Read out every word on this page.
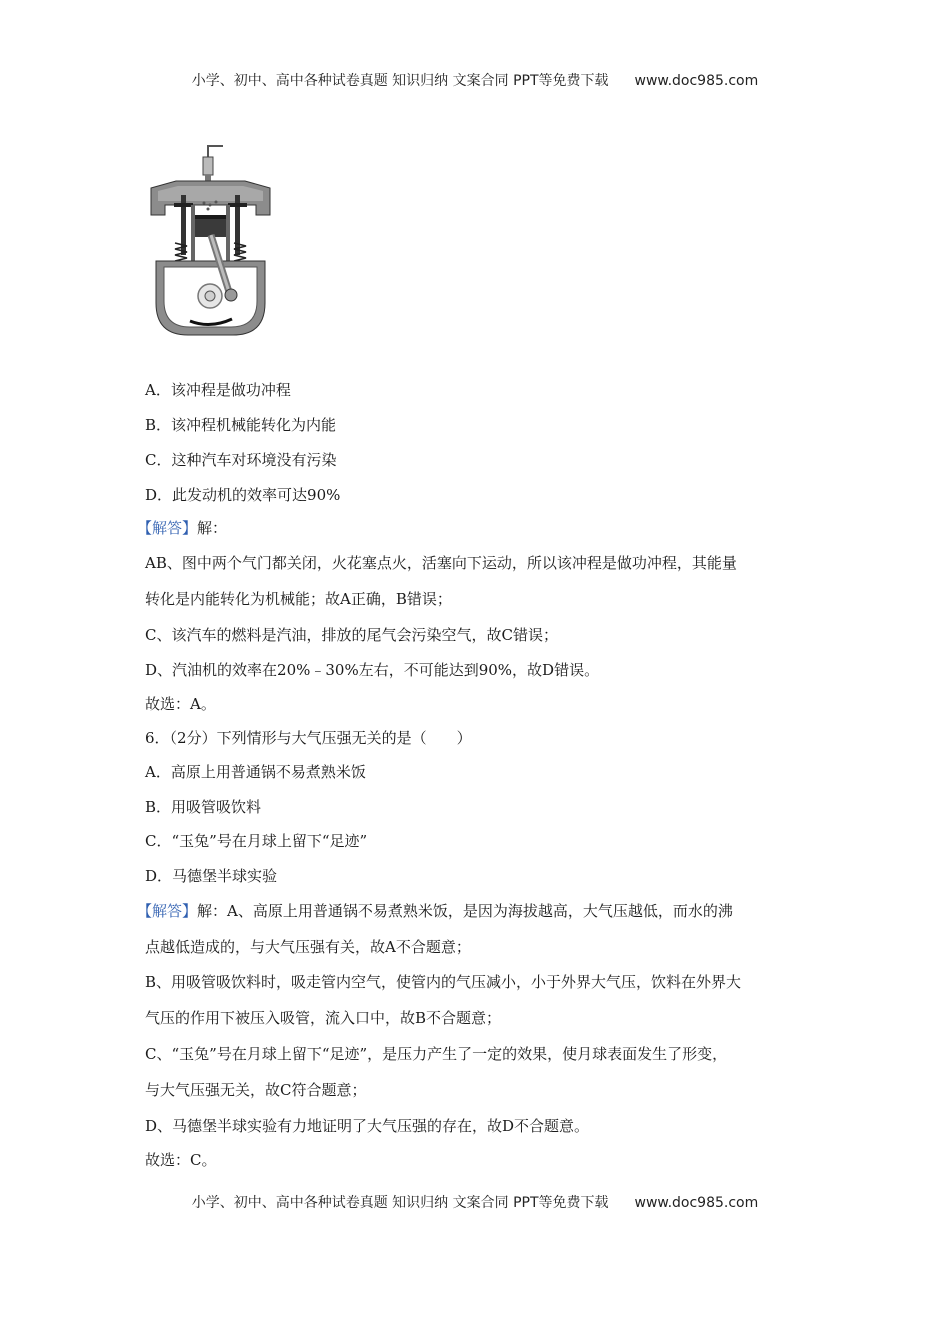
小学、初中、高中各种试卷真题 知识归纳 文案合同 PPT等免费下载 www.doc985.com
A．该冲程是做功冲程
B．该冲程机械能转化为内能
C．这种汽车对环境没有污染
D．此发动机的效率可达90%
【解答】解：
AB、图中两个气门都关闭，火花塞点火，活塞向下运动，所以该冲程是做功冲程，其能量
转化是内能转化为机械能；故A正确，B错误；
C、该汽车的燃料是汽油，排放的尾气会污染空气，故C错误；
D、汽油机的效率在20%﹣30%左右，不可能达到90%，故D错误。
故选：A。
6．（2分）下列情形与大气压强无关的是（　　）
A．高原上用普通锅不易煮熟米饭
B．用吸管吸饮料
C．“玉兔”号在月球上留下“足迹”
D．马德堡半球实验
【解答】解：A、高原上用普通锅不易煮熟米饭，是因为海拔越高，大气压越低，而水的沸
点越低造成的，与大气压强有关，故A不合题意；
B、用吸管吸饮料时，吸走管内空气，使管内的气压减小，小于外界大气压，饮料在外界大
气压的作用下被压入吸管，流入口中，故B不合题意；
C、“玉兔”号在月球上留下“足迹”，是压力产生了一定的效果，使月球表面发生了形变，
与大气压强无关，故C符合题意；
D、马德堡半球实验有力地证明了大气压强的存在，故D不合题意。
故选：C。
小学、初中、高中各种试卷真题 知识归纳 文案合同 PPT等免费下载 www.doc985.com
